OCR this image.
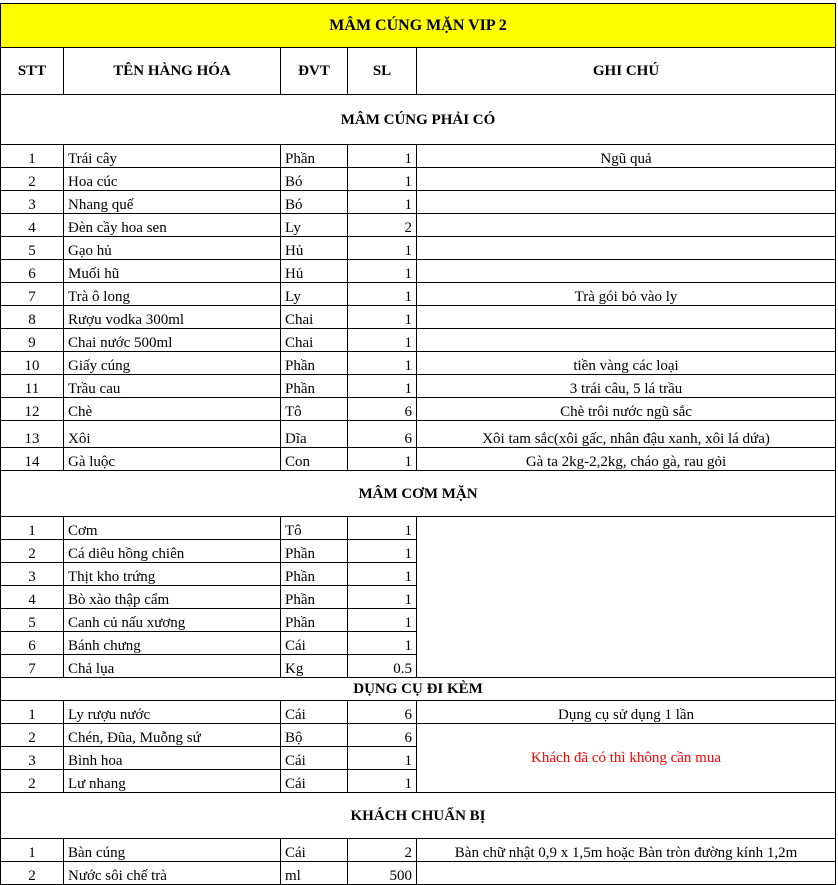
MÂM CÚNG MẶN VIP 2				
STT	TÊN HÀNG HÓA	ĐVT	SL	GHI CHÚ
MÂM CÚNG PHẢI CÓ				
1	Trái cây	Phần	1	Ngũ quả
2	Hoa cúc	Bó	1	
3	Nhang quế	Bó	1	
4	Đèn cầy hoa sen	Ly	2	
5	Gạo hủ	Hủ	1	
6	Muối hũ	Hủ	1	
7	Trà ô long	Ly	1	Trà gói bỏ vào ly
8	Rượu vodka 300ml	Chai	1	
9	Chai nước 500ml	Chai	1	
10	Giấy cúng	Phần	1	tiền vàng các loại
11	Trầu cau	Phần	1	3 trái câu, 5 lá trầu
12	Chè	Tô	6	Chè trôi nước ngũ sắc
13	Xôi	Dĩa	6	Xôi tam sắc(xôi gấc, nhân đậu xanh, xôi lá dứa)
14	Gà luộc	Con	1	Gà ta 2kg-2,2kg, cháo gà, rau gỏi
MÂM CƠM MẶN				
1	Cơm	Tô	1	
2	Cá diêu hồng chiên	Phần	1	
3	Thịt kho trứng	Phần	1	
4	Bò xào thập cẩm	Phần	1	
5	Canh củ nấu xương	Phần	1	
6	Bánh chưng	Cái	1	
7	Chả lụa	Kg	0.5	
DỤNG CỤ ĐI KÈM				
1	Ly rượu nước	Cái	6	Dụng cụ sử dụng 1 lần
2	Chén, Đũa, Muỗng sứ	Bộ	6	Khách đã có thì không cần mua
3	Bình hoa	Cái	1	
2	Lư nhang	Cái	1	
KHÁCH CHUẨN BỊ				
1	Bàn cúng	Cái	2	Bàn chữ nhật 0,9 x 1,5m hoặc Bàn tròn đường kính 1,2m
2	Nước sôi chế trà	ml	500	
